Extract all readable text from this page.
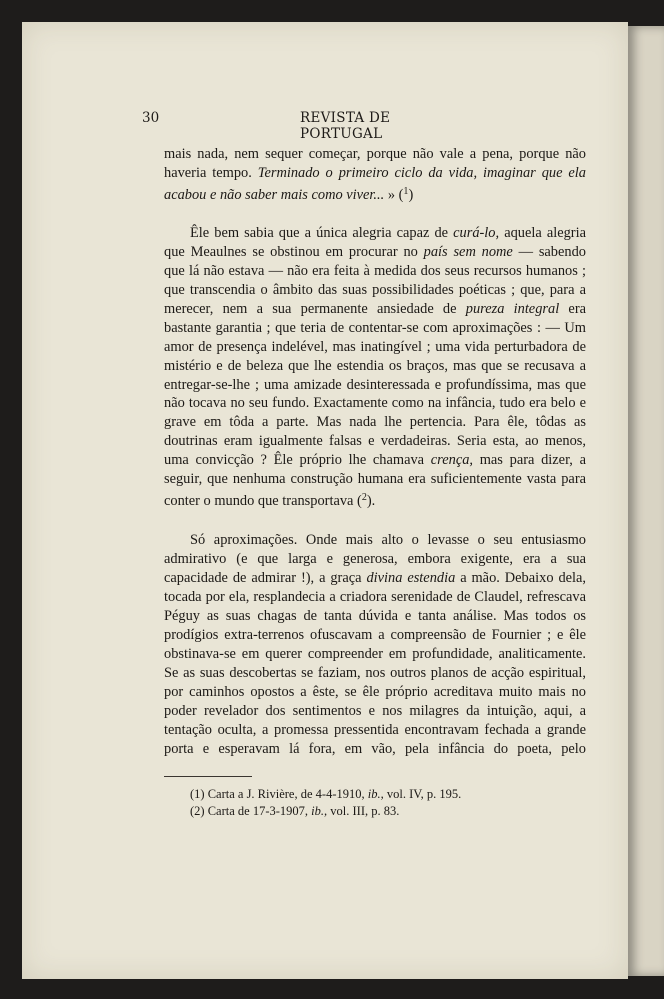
30	REVISTA DE PORTUGAL

mais nada, nem sequer começar, porque não vale a pena, porque não haveria tempo. Terminado o primeiro ciclo da vida, imaginar que ela acabou e não saber mais como viver... » ($^1$)

Êle bem sabia que a única alegria capaz de curá-lo, aquela alegria que Meaulnes se obstinou em procurar no país sem nome — sabendo que lá não estava — não era feita à medida dos seus recursos humanos ; que transcendia o âmbito das suas possibilidades poéticas ; que, para a merecer, nem a sua permanente ansiedade de pureza integral era bastante garantia ; que teria de contentar-se com aproximações : — Um amor de presença indelével, mas inatingível ; uma vida perturbadora de mistério e de beleza que lhe estendia os braços, mas que se recusava a entregar-se-lhe ; uma amizade desinteressada e profundíssima, mas que não tocava no seu fundo. Exactamente como na infância, tudo era belo e grave em tôda a parte. Mas nada lhe pertencia. Para êle, tôdas as doutrinas eram igualmente falsas e verdadeiras. Seria esta, ao menos, uma convicção ? Êle próprio lhe chamava crença, mas para dizer, a seguir, que nenhuma construção humana era suficientemente vasta para conter o mundo que transportava ($^2$).

Só aproximações. Onde mais alto o levasse o seu entusiasmo admirativo (e que larga e generosa, embora exigente, era a sua capacidade de admirar !), a graça divina estendia a mão. Debaixo dela, tocada por ela, resplandecia a criadora serenidade de Claudel, refrescava Péguy as suas chagas de tanta dúvida e tanta análise. Mas todos os prodígios extra-terrenos ofuscavam a compreensão de Fournier ; e êle obstinava-se em querer compreender em profundidade, analiticamente. Se as suas descobertas se faziam, nos outros planos de acção espiritual, por caminhos opostos a êste, se êle próprio acreditava muito mais no poder revelador dos sentimentos e nos milagres da intuição, aqui, a tentação oculta, a promessa pressentida encontravam fechada a grande porta e esperavam lá fora, em vão, pela infância do poeta, pelo

(1) Carta a J. Rivière, de 4-4-1910, ib., vol. IV, p. 195.
(2) Carta de 17-3-1907, ib., vol. III, p. 83.
